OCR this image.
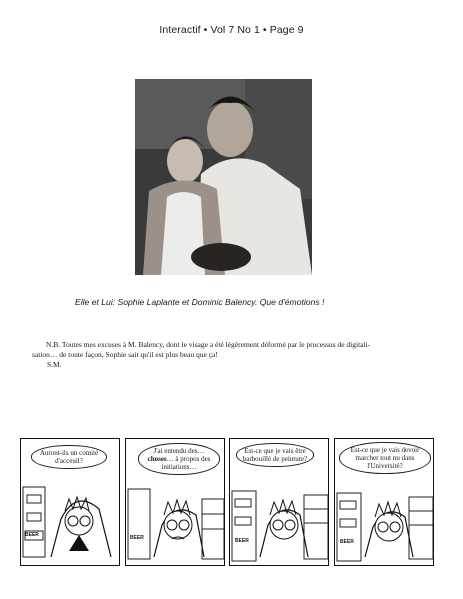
Interactif • Vol 7 No 1 • Page 9
Elle et Lui: Sophie Laplante et Dominic Balency. Que d'émotions !
N.B. Toutes mes excuses à M. Balency, dont le visage a été légèrement déformé par le processus de digitali-
sation… de toute façon, Sophie sait qu'il est plus beau que ça!
S.M.
Auront-ils un comité d'acceuil?
BEER
J'ai entendu des… choses… à propos des initiations…
BEER
Est-ce que je vais être barbouillé de peinture?
BEER
Est-ce que je vais devoir marcher tout nu dans l'Université?
BEER
